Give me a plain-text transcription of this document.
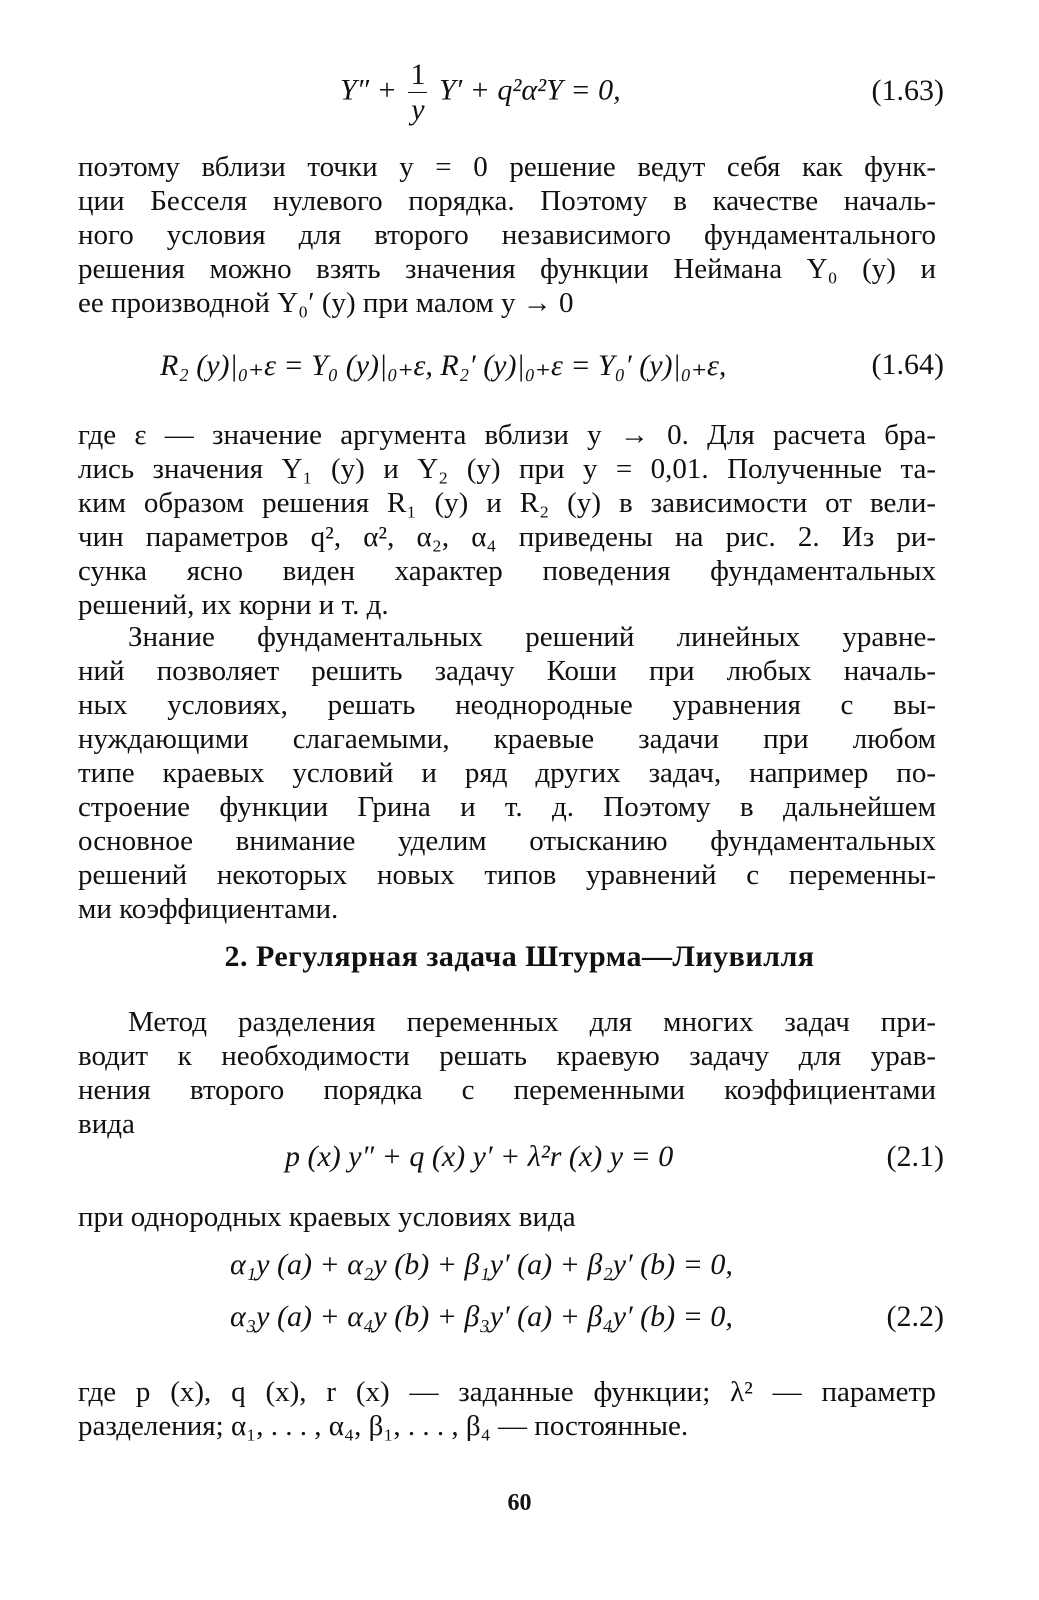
$Y'' + \frac{1}{y} Y' + q^2\alpha^2Y = 0$,	(1.63)
поэтому вблизи точки y = 0 решение ведут себя как функ-
ции Бесселя нулевого порядка. Поэтому в качестве началь-
ного условия для второго независимого фундаментального
решения можно взять значения функции Неймана Y₀ (y) и
ее производной Y₀′ (y) при малом y → 0
R₂ (y)|₀₊ε = Y₀ (y)|₀₊ε, R₂′ (y)|₀₊ε = Y₀′ (y)|₀₊ε,	(1.64)
где ε — значение аргумента вблизи y → 0. Для расчета бра-
лись значения Y₁ (y) и Y₂ (y) при y = 0,01. Полученные та-
ким образом решения R₁ (y) и R₂ (y) в зависимости от вели-
чин параметров q², α², α₂, α₄ приведены на рис. 2. Из ри-
сунка ясно виден характер поведения фундаментальных
решений, их корни и т. д.
Знание фундаментальных решений линейных уравне-
ний позволяет решить задачу Коши при любых началь-
ных условиях, решать неоднородные уравнения с вы-
нуждающими слагаемыми, краевые задачи при любом
типе краевых условий и ряд других задач, например по-
строение функции Грина и т. д. Поэтому в дальнейшем
основное внимание уделим отысканию фундаментальных
решений некоторых новых типов уравнений с переменны-
ми коэффициентами.
2. Регулярная задача Штурма—Лиувилля
Метод разделения переменных для многих задач при-
водит к необходимости решать краевую задачу для урав-
нения второго порядка с переменными коэффициентами
вида
p (x) y″ + q (x) y′ + λ²r (x) y = 0	(2.1)
при однородных краевых условиях вида
α₁y (a) + α₂y (b) + β₁y′ (a) + β₂y′ (b) = 0,
α₃y (a) + α₄y (b) + β₃y′ (a) + β₄y′ (b) = 0,	(2.2)
где p (x), q (x), r (x) — заданные функции; λ² — параметр
разделения; α₁, . . . , α₄, β₁, . . . , β₄ — постоянные.
60
